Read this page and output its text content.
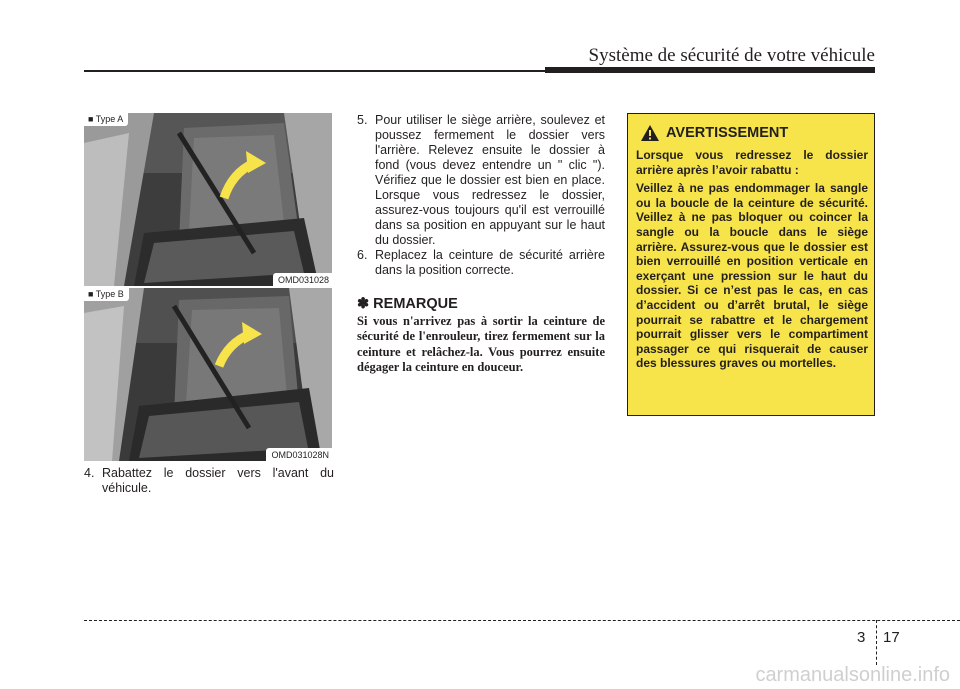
Système de sécurité de votre véhicule
■ Type A
OMD031028
■ Type B
OMD031028N
4. Rabattez le dossier vers l'avant du véhicule.
5. Pour utiliser le siège arrière, soulevez et poussez fermement le dossier vers l'arrière. Relevez ensuite le dossier à fond (vous devez entendre un " clic "). Vérifiez que le dossier est bien en place. Lorsque vous redressez le dossier, assurez-vous toujours qu'il est verrouillé dans sa position en appuyant sur le haut du dossier.
6. Replacez la ceinture de sécurité arrière dans la position correcte.
✽ REMARQUE
Si vous n'arrivez pas à sortir la ceinture de sécurité de l'enrouleur, tirez fermement sur la ceinture et relâchez-la. Vous pourrez ensuite dégager la ceinture en douceur.
AVERTISSEMENT

Lorsque vous redressez le dossier arrière après l’avoir rabattu :

Veillez à ne pas endommager la sangle ou la boucle de la ceinture de sécurité. Veillez à ne pas bloquer ou coincer la sangle ou la boucle dans le siège arrière. Assurez-vous que le dossier est bien verrouillé en position verticale en exerçant une pression sur le haut du dossier. Si ce n’est pas le cas, en cas d’accident ou d’arrêt brutal, le siège pourrait se rabattre et le chargement pourrait glisser vers le compartiment passager ce qui risquerait de causer des blessures graves ou mortelles.

3 17
carmanualsonline.info
